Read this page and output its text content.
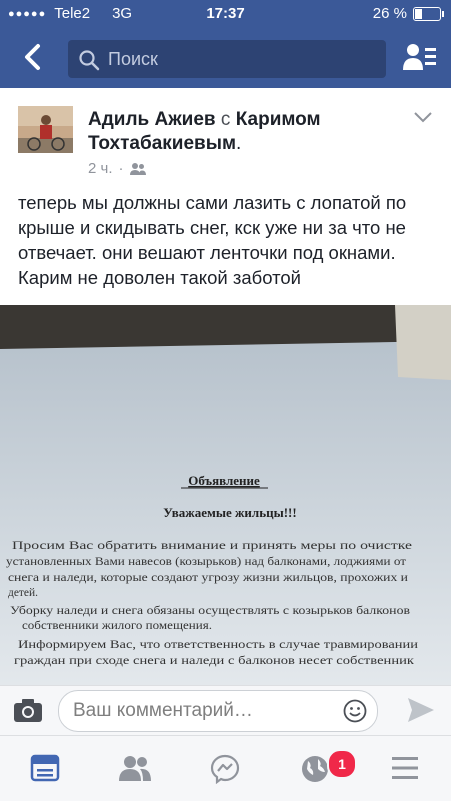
●●●●● Tele2 3G	17:37	26 %
Поиск
Адиль Ажиев с Каримом Тохтабакиевым.
2 ч. ·
теперь мы должны сами лазить с лопатой по крыше и скидывать снег, кск уже ни за что не отвечает. они вешают ленточки под окнами. Карим не доволен такой заботой
Объявление
Уважаемые жильцы!!!
Просим Вас обратить внимание и принять меры по очистке
установленных Вами навесов (козырьков) над балконами, лоджиями от
снега и наледи, которые создают угрозу жизни жильцов, прохожих и
детей.
Уборку наледи и снега обязаны осуществлять с козырьков балконов
собственники жилого помещения.
Информируем Вас, что ответственность в случае травмировании
граждан при сходе снега и наледи с балконов несет собственник
Ваш комментарий…
1
